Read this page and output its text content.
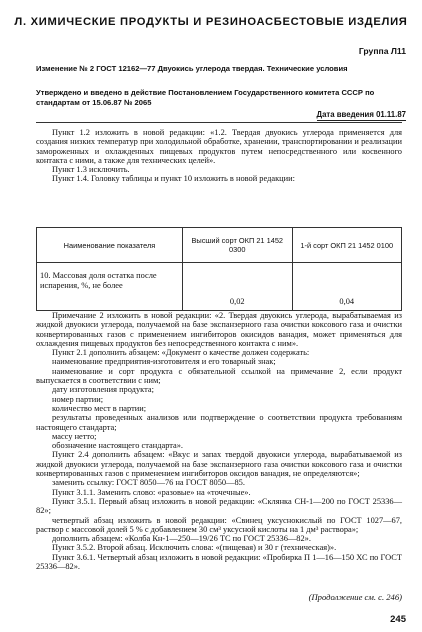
Л. ХИМИЧЕСКИЕ ПРОДУКТЫ И РЕЗИНОАСБЕСТОВЫЕ ИЗДЕЛИЯ
Группа Л11
Изменение № 2 ГОСТ 12162—77 Двуокись углерода твердая. Технические условия
Утверждено и введено в действие Постановлением Государственного комитета СССР по стандартам от 15.06.87 № 2065
Дата введения 01.11.87

Пункт 1.2 изложить в новой редакции: «1.2. Твердая двуокись углерода применяется для создания низких температур при холодильной обработке, хранении, транспортировании и реализации замороженных и охлажденных пищевых продуктов путем непосредственного или косвенного контакта с ними, а также для технических целей».

Пункт 1.3 исключить.

Пункт 1.4. Головку таблицы и пункт 10 изложить в новой редакции:

Наименование показателя	Высший сорт ОКП 21 1452 0300	1-й сорт ОКП 21 1452 0100
10. Массовая доля остатка после испарения, %, не более	0,02	0,04

Примечание 2 изложить в новой редакции: «2. Твердая двуокись углерода, вырабатываемая из жидкой двуокиси углерода, получаемой на базе экспанзерного газа очистки коксового газа и очистки конвертированных газов с применением ингибиторов окисидов ванадия, может применяться для охлаждения пищевых продуктов без непосредственного контакта с ним».

Пункт 2.1 дополнить абзацем: «Документ о качестве должен содержать:

наименование предприятия-изготовителя и его товарный знак;

наименование и сорт продукта с обязательной ссылкой на примечание 2, если продукт выпускается в соответствии с ним;

дату изготовления продукта;

номер партии;

количество мест в партии;

результаты проведенных анализов или подтверждение о соответствии продукта требованиям настоящего стандарта;

массу нетто;

обозначение настоящего стандарта».

Пункт 2.4 дополнить абзацем: «Вкус и запах твердой двуокиси углерода, вырабатываемой из жидкой двуокиси углерода, получаемой на базе экспанзерного газа очистки коксового газа и очистки конвертированных газов с применением ингибиторов оксидов ванадия, не определяются»;

заменить ссылку: ГОСТ 8050—76 на ГОСТ 8050—85.

Пункт 3.1.1. Заменить слово: «разовые» на «точечные».

Пункт 3.5.1. Первый абзац изложить в новой редакции: «Склянка СН-1—200 по ГОСТ 25336—82»;

четвертый абзац изложить в новой редакции: «Свинец уксуснокислый по ГОСТ 1027—67, раствор с массовой долей 5 % с добавлением 30 см³ уксусной кислоты на 1 дм³ раствора»;

дополнить абзацем: «Колба Кн-1—250—19/26 ТС по ГОСТ 25336—82».

Пункт 3.5.2. Второй абзац. Исключить слова: «(пищевая) и 30 г (техническая)».

Пункт 3.6.1. Четвертый абзац изложить в новой редакции: «Пробирка П 1—16—150 ХС по ГОСТ 25336—82».

(Продолжение см. с. 246)
245
